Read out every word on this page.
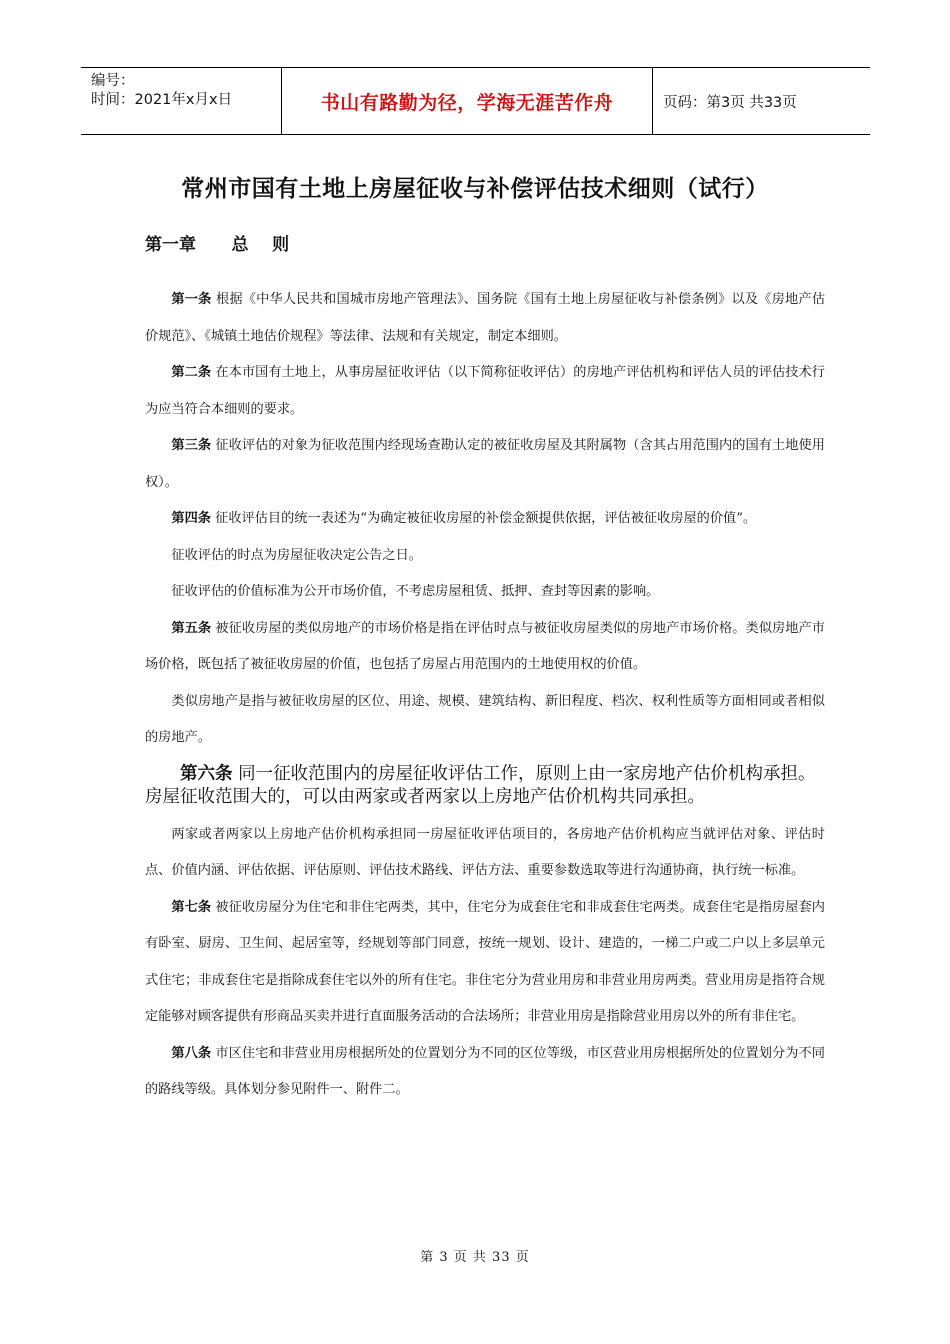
编号：
时间：2021年x月x日	书山有路勤为径，学海无涯苦作舟	页码：第3页 共33页
常州市国有土地上房屋征收与补偿评估技术细则（试行）
第一章      总    则

第一条 根据《中华人民共和国城市房地产管理法》、国务院《国有土地上房屋征收与补偿条例》以及《房地产估价规范》、《城镇土地估价规程》等法律、法规和有关规定，制定本细则。

第二条 在本市国有土地上，从事房屋征收评估（以下简称征收评估）的房地产评估机构和评估人员的评估技术行为应当符合本细则的要求。

第三条 征收评估的对象为征收范围内经现场查勘认定的被征收房屋及其附属物（含其占用范围内的国有土地使用权）。

第四条 征收评估目的统一表述为“为确定被征收房屋的补偿金额提供依据，评估被征收房屋的价值”。

征收评估的时点为房屋征收决定公告之日。

征收评估的价值标准为公开市场价值，不考虑房屋租赁、抵押、查封等因素的影响。

第五条 被征收房屋的类似房地产的市场价格是指在评估时点与被征收房屋类似的房地产市场价格。类似房地产市场价格，既包括了被征收房屋的价值，也包括了房屋占用范围内的土地使用权的价值。

类似房地产是指与被征收房屋的区位、用途、规模、建筑结构、新旧程度、档次、权利性质等方面相同或者相似的房地产。

第六条 同一征收范围内的房屋征收评估工作，原则上由一家房地产估价机构承担。房屋征收范围大的，可以由两家或者两家以上房地产估价机构共同承担。

两家或者两家以上房地产估价机构承担同一房屋征收评估项目的，各房地产估价机构应当就评估对象、评估时点、价值内涵、评估依据、评估原则、评估技术路线、评估方法、重要参数选取等进行沟通协商，执行统一标准。

第七条 被征收房屋分为住宅和非住宅两类，其中，住宅分为成套住宅和非成套住宅两类。成套住宅是指房屋套内有卧室、厨房、卫生间、起居室等，经规划等部门同意，按统一规划、设计、建造的，一梯二户或二户以上多层单元式住宅；非成套住宅是指除成套住宅以外的所有住宅。非住宅分为营业用房和非营业用房两类。营业用房是指符合规定能够对顾客提供有形商品买卖并进行直面服务活动的合法场所；非营业用房是指除营业用房以外的所有非住宅。

第八条 市区住宅和非营业用房根据所处的位置划分为不同的区位等级，市区营业用房根据所处的位置划分为不同的路线等级。具体划分参见附件一、附件二。

第 3 页 共 33 页
